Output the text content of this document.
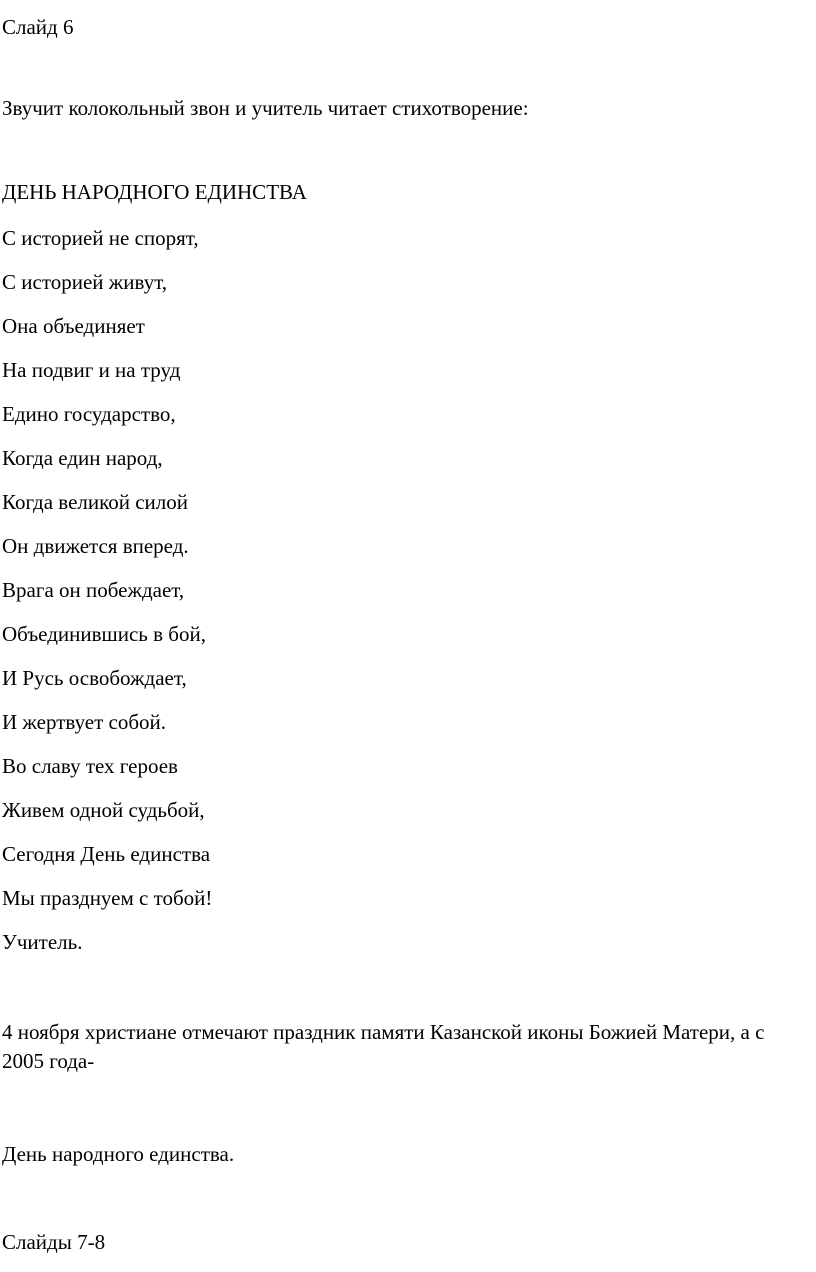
Слайд 6
Звучит колокольный звон и учитель читает стихотворение:
ДЕНЬ НАРОДНОГО ЕДИНСТВА
С историей не спорят,
С историей живут,
Она объединяет
На подвиг и на труд
Едино государство,
Когда един народ,
Когда великой силой
Он движется вперед.
Врага он побеждает,
Объединившись в бой,
И Русь освобождает,
И жертвует собой.
Во славу тех героев
Живем одной судьбой,
Сегодня День единства
Мы празднуем с тобой!
Учитель.
4 ноября христиане отмечают праздник памяти Казанской иконы Божией Матери, а с 2005 года-
День народного единства.
Слайды 7-8
